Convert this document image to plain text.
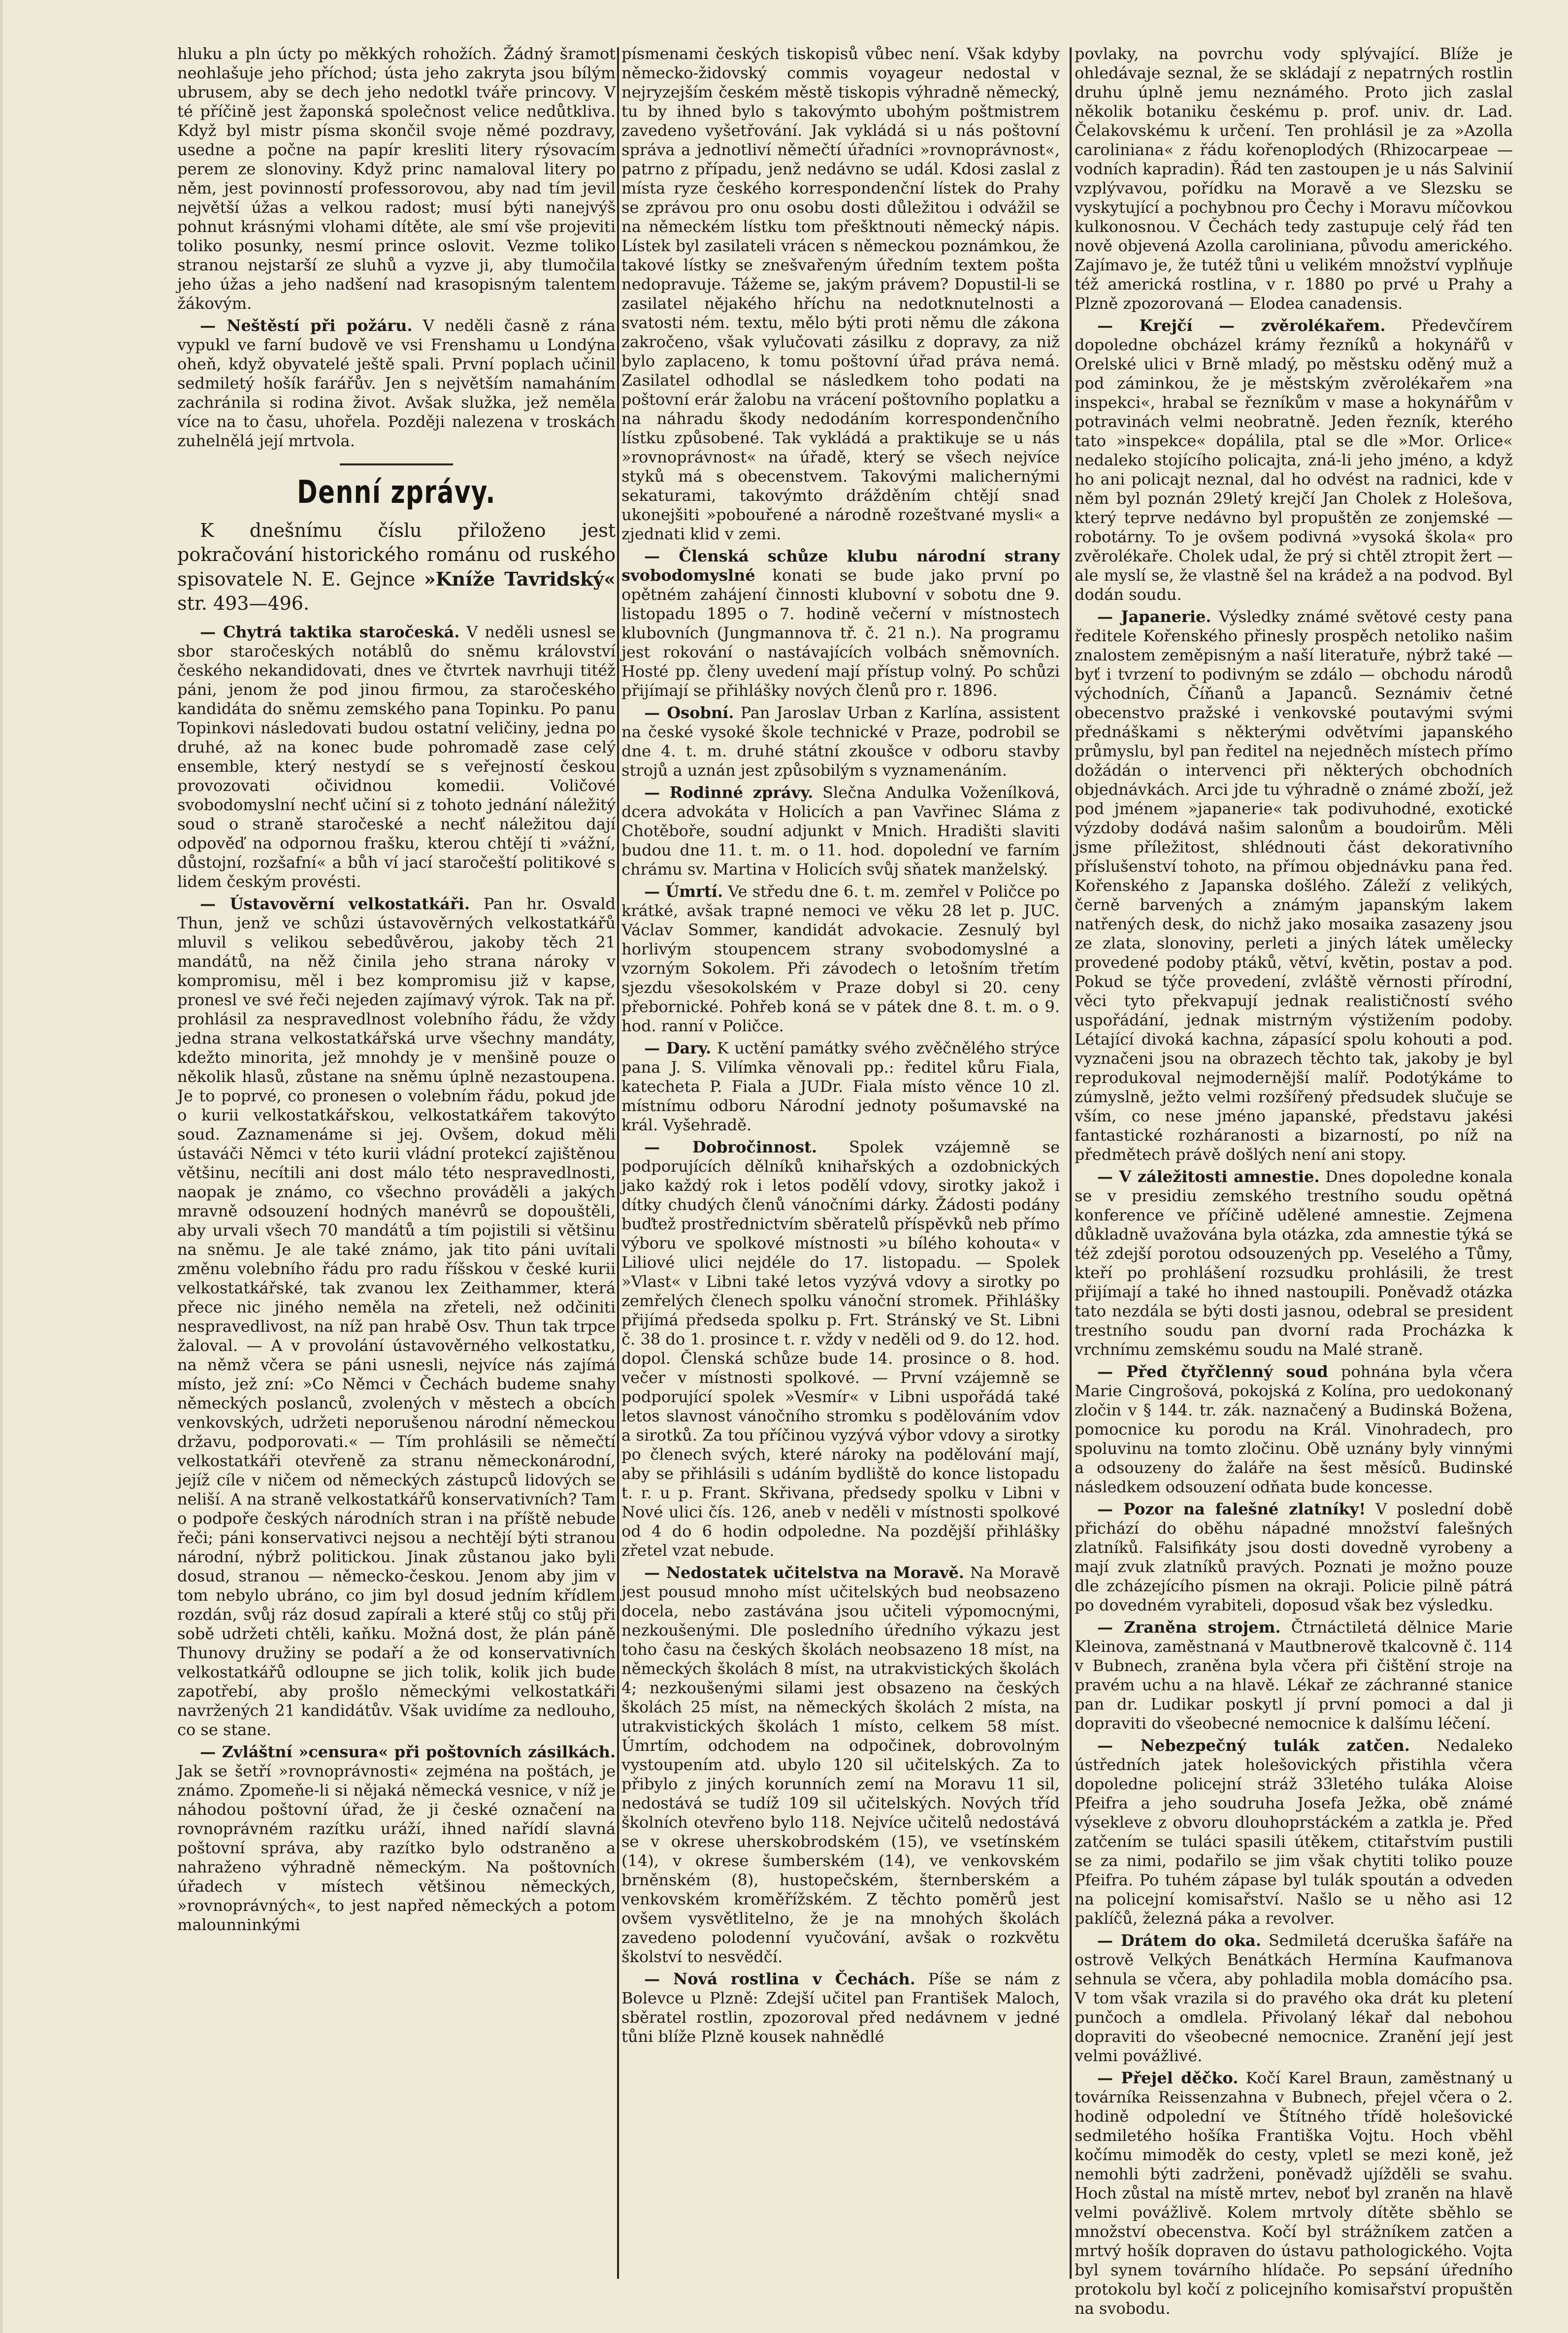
hluku a pln úcty po měkkých rohožích. Žádný šramot neohlašuje jeho příchod; ústa jeho zakryta jsou bílým ubrusem, aby se dech jeho nedotkl tváře princovy. V té příčině jest žaponská společnost velice nedůtkliva. Když byl mistr písma skončil svoje němé pozdravy, usedne a počne na papír kresliti litery rýsovacím perem ze slonoviny. Když princ namaloval litery po něm, jest povinností professorovou, aby nad tím jevil největší úžas a velkou radost; musí býti nanejvýš pohnut krásnými vlohami dítěte, ale smí vše projeviti toliko posunky, nesmí prince oslovit. Vezme toliko stranou nejstarší ze sluhů a vyzve ji, aby tlumočila jeho úžas a jeho nadšení nad krasopisným talentem žákovým.

— Neštěstí při požáru. V neděli časně z rána vypukl ve farní budově ve vsi Frenshamu u Londýna oheň, když obyvatelé ještě spali. První poplach učinil sedmiletý hošík farářův. Jen s největším namaháním zachránila si rodina život. Avšak služka, jež neměla více na to času, uhořela. Později nalezena v troskách zuhelnělá její mrtvola.

Denní zprávy.

K dnešnímu číslu přiloženo jest pokračování historického románu od ruského spisovatele N. E. Gejnce »Kníže Tavridský« str. 493—496.

— Chytrá taktika staročeská. V neděli usnesl se sbor staročeských notáblů do sněmu království českého nekandidovati, dnes ve čtvrtek navrhuji titéž páni, jenom že pod jinou firmou, za staročeského kandidáta do sněmu zemského pana Topinku. Po panu Topinkovi následovati budou ostatní veličiny, jedna po druhé, až na konec bude pohromadě zase celý ensemble, který nestydí se s veřejností českou provozovati očividnou komedii. Voličové svobodomyslní nechť učiní si z tohoto jednání náležitý soud o straně staročeské a nechť náležitou dají odpověď na odpornou frašku, kterou chtějí ti »vážní, důstojní, rozšafní« a bůh ví jací staročeští politikové s lidem českým provésti.

— Ústavověrní velkostatkáři. Pan hr. Osvald Thun, jenž ve schůzi ústavověrných velkostatkářů mluvil s velikou sebedůvěrou, jakoby těch 21 mandátů, na něž činila jeho strana nároky v kompromisu, měl i bez kompromisu již v kapse, pronesl ve své řeči nejeden zajímavý výrok. Tak na př. prohlásil za nespravedlnost volebního řádu, že vždy jedna strana velkostatkářská urve všechny mandáty, kdežto minorita, jež mnohdy je v menšině pouze o několik hlasů, zůstane na sněmu úplně nezastoupena. Je to poprvé, co pronesen o volebním řádu, pokud jde o kurii velkostatkářskou, velkostatkářem takovýto soud. Zaznamenáme si jej. Ovšem, dokud měli ústaváči Němci v této kurii vládní protekcí zajištěnou většinu, necítili ani dost málo této nespravedlnosti, naopak je známo, co všechno prováděli a jakých mravně odsouzení hodných manévrů se dopouštěli, aby urvali všech 70 mandátů a tím pojistili si většinu na sněmu. Je ale také známo, jak tito páni uvítali změnu volebního řádu pro radu říšskou v české kurii velkostatkářské, tak zvanou lex Zeithammer, která přece nic jiného neměla na zřeteli, než odčiniti nespravedlivost, na níž pan hrabě Osv. Thun tak trpce žaloval. — A v provolání ústavověrného velkostatku, na němž včera se páni usnesli, nejvíce nás zajímá místo, jež zní: »Co Němci v Čechách budeme snahy německých poslanců, zvolených v městech a obcích venkovských, udržeti neporušenou národní německou državu, podporovati.« — Tím prohlásili se němečtí velkostatkáři otevřeně za stranu německonárodní, jejíž cíle v ničem od německých zástupců lidových se neliší. A na straně velkostatkářů konservativních? Tam o podpoře českých národních stran i na příště nebude řeči; páni konservativci nejsou a nechtějí býti stranou národní, nýbrž politickou. Jinak zůstanou jako byli dosud, stranou — německo-českou. Jenom aby jim v tom nebylo ubráno, co jim byl dosud jedním křídlem rozdán, svůj ráz dosud zapírali a které stůj co stůj při sobě udržeti chtěli, kaňku. Možná dost, že plán páně Thunovy družiny se podaří a že od konservativních velkostatkářů odloupne se jich tolik, kolik jich bude zapotřebí, aby prošlo německými velkostatkáři navržených 21 kandidátův. Však uvidíme za nedlouho, co se stane.

— Zvláštní »censura« při poštovních zásilkách. Jak se šetří »rovnoprávnosti« zejména na poštách, je známo. Zpomeňe-li si nějaká německá vesnice, v níž je náhodou poštovní úřad, že ji české označení na rovnoprávném razítku uráží, ihned nařídí slavná poštovní správa, aby razítko bylo odstraněno a nahraženo výhradně německým. Na poštovních úřadech v místech většinou německých, »rovnoprávných«, to jest napřed německých a potom malounninkými

písmenami českých tiskopisů vůbec není. Však kdyby německo-židovský commis voyageur nedostal v nejryzejším českém městě tiskopis výhradně německý, tu by ihned bylo s takovýmto ubohým poštmistrem zavedeno vyšetřování. Jak vykládá si u nás poštovní správa a jednotliví němečtí úřadníci »rovnoprávnost«, patrno z případu, jenž nedávno se udál. Kdosi zaslal z místa ryze českého korrespondenční lístek do Prahy se zprávou pro onu osobu dosti důležitou i odvážil se na německém lístku tom přešktnouti německý nápis. Lístek byl zasilateli vrácen s německou poznámkou, že takové lístky se znešvařeným úředním textem pošta nedopravuje. Tážeme se, jakým právem? Dopustil-li se zasilatel nějakého hříchu na nedotknutelnosti a svatosti ném. textu, mělo býti proti němu dle zákona zakročeno, však vylučovati zásilku z dopravy, za niž bylo zaplaceno, k tomu poštovní úřad práva nemá. Zasilatel odhodlal se následkem toho podati na poštovní erár žalobu na vrácení poštovního poplatku a na náhradu škody nedodáním korrespondenčního lístku způsobené. Tak vykládá a praktikuje se u nás »rovnoprávnost« na úřadě, který se všech nejvíce styků má s obecenstvem. Takovými malichernými sekaturami, takovýmto drážděním chtějí snad ukonejšiti »pobouřené a národně rozeštvané mysli« a zjednati klid v zemi.

— Členská schůze klubu národní strany svobodomyslné konati se bude jako první po opětném zahájení činnosti klubovní v sobotu dne 9. listopadu 1895 o 7. hodině večerní v místnostech klubovních (Jungmannova tř. č. 21 n.). Na programu jest rokování o nastávajících volbách sněmovních. Hosté pp. členy uvedení mají přístup volný. Po schůzi přijímají se přihlášky nových členů pro r. 1896.

— Osobní. Pan Jaroslav Urban z Karlína, assistent na české vysoké škole technické v Praze, podrobil se dne 4. t. m. druhé státní zkoušce v odboru stavby strojů a uznán jest způsobilým s vyznamenáním.

— Rodinné zprávy. Slečna Andulka Voženílková, dcera advokáta v Holicích a pan Vavřinec Sláma z Chotěboře, soudní adjunkt v Mnich. Hradišti slaviti budou dne 11. t. m. o 11. hod. dopolední ve farním chrámu sv. Martina v Holicích svůj sňatek manželský.

— Úmrtí. Ve středu dne 6. t. m. zemřel v Poličce po krátké, avšak trapné nemoci ve věku 28 let p. JUC. Václav Sommer, kandidát advokacie. Zesnulý byl horlivým stoupencem strany svobodomyslné a vzorným Sokolem. Při závodech o letošním třetím sjezdu všesokolském v Praze dobyl si 20. ceny přebornické. Pohřeb koná se v pátek dne 8. t. m. o 9. hod. ranní v Poličce.

— Dary. K uctění památky svého zvěčnělého strýce pana J. S. Vilímka věnovali pp.: ředitel kůru Fiala, katecheta P. Fiala a JUDr. Fiala místo věnce 10 zl. místnímu odboru Národní jednoty pošumavské na král. Vyšehradě.

— Dobročinnost. Spolek vzájemně se podporujících dělníků knihařských a ozdobnických jako každý rok i letos podělí vdovy, sirotky jakož i dítky chudých členů vánočními dárky. Žádosti podány buďtež prostřednictvím sběratelů příspěvků neb přímo výboru ve spolkové místnosti »u bílého kohouta« v Liliové ulici nejdéle do 17. listopadu. — Spolek »Vlast« v Libni také letos vyzývá vdovy a sirotky po zemřelých členech spolku vánoční stromek. Přihlášky přijímá předseda spolku p. Frt. Stránský ve St. Libni č. 38 do 1. prosince t. r. vždy v neděli od 9. do 12. hod. dopol. Členská schůze bude 14. prosince o 8. hod. večer v místnosti spolkové. — První vzájemně se podporující spolek »Vesmír« v Libni uspořádá také letos slavnost vánočního stromku s podělováním vdov a sirotků. Za tou příčinou vyzývá výbor vdovy a sirotky po členech svých, které nároky na podělování mají, aby se přihlásili s udáním bydliště do konce listopadu t. r. u p. Frant. Skřivana, předsedy spolku v Libni v Nové ulici čís. 126, aneb v neděli v místnosti spolkové od 4 do 6 hodin odpoledne. Na pozdější přihlášky zřetel vzat nebude.

— Nedostatek učitelstva na Moravě. Na Moravě jest pousud mnoho míst učitelských bud neobsazeno docela, nebo zastávána jsou učiteli výpomocnými, nezkoušenými. Dle posledního úředního výkazu jest toho času na českých školách neobsazeno 18 míst, na německých školách 8 míst, na utrakvistických školách 4; nezkoušenými silami jest obsazeno na českých školách 25 míst, na německých školách 2 místa, na utrakvistických školách 1 místo, celkem 58 míst. Úmrtím, odchodem na odpočinek, dobrovolným vystoupením atd. ubylo 120 sil učitelských. Za to přibylo z jiných korunních zemí na Moravu 11 sil, nedostává se tudíž 109 sil učitelských. Nových tříd školních otevřeno bylo 118. Nejvíce učitelů nedostává se v okrese uherskobrodském (15), ve vsetínském (14), v okrese šumberském (14), ve venkovském brněnském (8), hustopečském, šternberském a venkovském kroměřížském. Z těchto poměrů jest ovšem vysvětlitelno, že je na mnohých školách zavedeno polodenní vyučování, avšak o rozkvětu školství to nesvědčí.

— Nová rostlina v Čechách. Píše se nám z Bolevce u Plzně: Zdejší učitel pan František Maloch, sběratel rostlin, zpozoroval před nedávnem v jedné tůni blíže Plzně kousek nahnědlé

povlaky, na povrchu vody splývající. Blíže je ohledávaje seznal, že se skládají z nepatrných rostlin druhu úplně jemu neznámého. Proto jich zaslal několik botaniku českému p. prof. univ. dr. Lad. Čelakovskému k určení. Ten prohlásil je za »Azolla caroliniana« z řádu kořenoplodých (Rhizocarpeae — vodních kapradin). Řád ten zastoupen je u nás Salvinií vzplývavou, pořídku na Moravě a ve Slezsku se vyskytující a pochybnou pro Čechy i Moravu míčovkou kulkonosnou. V Čechách tedy zastupuje celý řád ten nově objevená Azolla caroliniana, původu amerického. Zajímavo je, že tutéž tůni u velikém množství vyplňuje též americká rostlina, v r. 1880 po prvé u Prahy a Plzně zpozorovaná — Elodea canadensis.

— Krejčí — zvěrolékařem. Předevčírem dopoledne obcházel krámy řezníků a hokynářů v Orelské ulici v Brně mladý, po městsku oděný muž a pod záminkou, že je městským zvěrolékařem »na inspekci«, hrabal se řezníkům v mase a hokynářům v potravinách velmi neobratně. Jeden řezník, kterého tato »inspekce« dopálila, ptal se dle »Mor. Orlice« nedaleko stojícího policajta, zná-li jeho jméno, a když ho ani policajt neznal, dal ho odvést na radnici, kde v něm byl poznán 29letý krejčí Jan Cholek z Holešova, který teprve nedávno byl propuštěn ze zonjemské — robotárny. To je ovšem podivná »vysoká škola« pro zvěrolékaře. Cholek udal, že prý si chtěl ztropit žert — ale myslí se, že vlastně šel na krádež a na podvod. Byl dodán soudu.

— Japanerie. Výsledky známé světové cesty pana ředitele Kořenského přinesly prospěch netoliko našim znalostem zeměpisným a naší literatuře, nýbrž také — byť i tvrzení to podivným se zdálo — obchodu národů východních, Číňanů a Japanců. Seznámiv četné obecenstvo pražské i venkovské poutavými svými přednáškami s některými odvětvími japanského průmyslu, byl pan ředitel na nejedněch místech přímo dožádán o intervenci při některých obchodních objednávkách. Arci jde tu výhradně o známé zboží, jež pod jménem »japanerie« tak podivuhodné, exotické výzdoby dodává našim salonům a boudoirům. Měli jsme příležitost, shlédnouti část dekorativního příslušenství tohoto, na přímou objednávku pana řed. Kořenského z Japanska došlého. Záleží z velikých, černě barvených a známým japanským lakem natřených desk, do nichž jako mosaika zasazeny jsou ze zlata, slonoviny, perleti a jiných látek umělecky provedené podoby ptáků, větví, květin, postav a pod. Pokud se týče provedení, zvláště věrnosti přírodní, věci tyto překvapují jednak realističností svého uspořádání, jednak mistrným výstižením podoby. Létající divoká kachna, zápasící spolu kohouti a pod. vyznačeni jsou na obrazech těchto tak, jakoby je byl reprodukoval nejmodernější malíř. Podotýkáme to zúmyslně, ježto velmi rozšířený předsudek slučuje se vším, co nese jméno japanské, představu jakési fantastické rozháranosti a bizarností, po níž na předmětech právě došlých není ani stopy.

— V záležitosti amnestie. Dnes dopoledne konala se v presidiu zemského trestního soudu opětná konference ve příčině udělené amnestie. Zejmena důkladně uvažována byla otázka, zda amnestie týká se též zdejší porotou odsouzených pp. Veselého a Tůmy, kteří po prohlášení rozsudku prohlásili, že trest přijímají a také ho ihned nastoupili. Poněvadž otázka tato nezdála se býti dosti jasnou, odebral se president trestního soudu pan dvorní rada Procházka k vrchnímu zemskému soudu na Malé straně.

— Před čtyřčlenný soud pohnána byla včera Marie Cingrošová, pokojská z Kolína, pro uedokonaný zločin v § 144. tr. zák. naznačený a Budinská Božena, pomocnice ku porodu na Král. Vinohradech, pro spoluvinu na tomto zločinu. Obě uznány byly vinnými a odsouzeny do žaláře na šest měsíců. Budinské následkem odsouzení odňata bude koncesse.

— Pozor na falešné zlatníky! V poslední době přichází do oběhu nápadné množství falešných zlatníků. Falsifikáty jsou dosti dovedně vyrobeny a mají zvuk zlatníků pravých. Poznati je možno pouze dle zcházejícího písmen na okraji. Policie pilně pátrá po dovedném vyrabiteli, doposud však bez výsledku.

— Zraněna strojem. Čtrnáctiletá dělnice Marie Kleinova, zaměstnaná v Mautbnerově tkalcovně č. 114 v Bubnech, zraněna byla včera při čištění stroje na pravém uchu a na hlavě. Lékař ze záchranné stanice pan dr. Ludikar poskytl jí první pomoci a dal ji dopraviti do všeobecné nemocnice k dalšímu léčení.

— Nebezpečný tulák zatčen. Nedaleko ústředních jatek holešovických přistihla včera dopoledne policejní stráž 33letého tuláka Aloise Pfeifra a jeho soudruha Josefa Ježka, obě známé výsekleve z obvoru dlouhoprstáckém a zatkla je. Před zatčením se tuláci spasili útěkem, ctitařstvím pustili se za nimi, podařilo se jim však chytiti toliko pouze Pfeifra. Po tuhém zápase byl tulák spoután a odveden na policejní komisařství. Našlo se u něho asi 12 paklíčů, železná páka a revolver.

— Drátem do oka. Sedmiletá dceruška šafáře na ostrově Velkých Benátkách Hermína Kaufmanova sehnula se včera, aby pohladila mobla domácího psa. V tom však vrazila si do pravého oka drát ku pletení punčoch a omdlela. Přivolaný lékař dal nebohou dopraviti do všeobecné nemocnice. Zranění její jest velmi povážlivé.

— Přejel děčko. Kočí Karel Braun, zaměstnaný u továrníka Reissenzahna v Bubnech, přejel včera o 2. hodině odpolední ve Štítného třídě holešovické sedmiletého hošíka Františka Vojtu. Hoch vběhl kočímu mimoděk do cesty, vpletl se mezi koně, jež nemohli býti zadrženi, poněvadž ujížděli se svahu. Hoch zůstal na místě mrtev, neboť byl zraněn na hlavě velmi povážlivě. Kolem mrtvoly dítěte sběhlo se množství obecenstva. Kočí byl strážníkem zatčen a mrtvý hošík dopraven do ústavu pathologického. Vojta byl synem továrního hlídače. Po sepsání úředního protokolu byl kočí z policejního komisařství propuštěn na svobodu.
